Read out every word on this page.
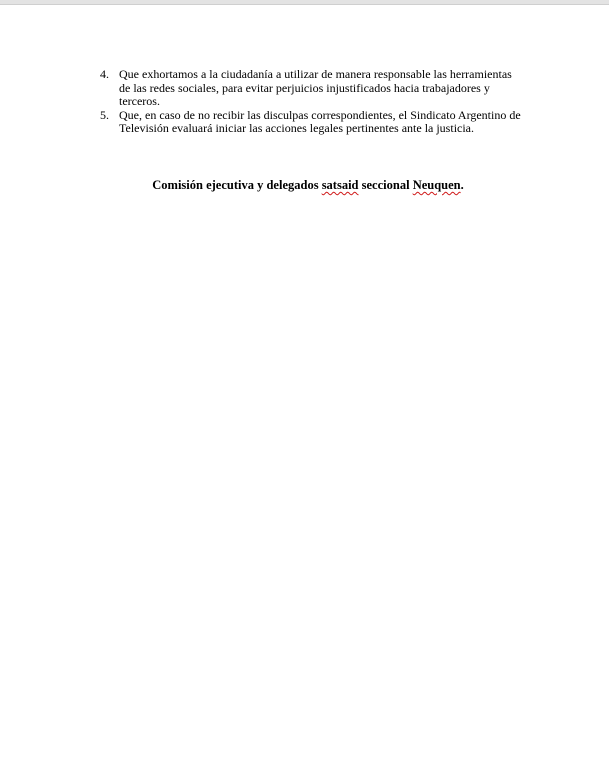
4. Que exhortamos a la ciudadanía a utilizar de manera responsable las herramientas
de las redes sociales, para evitar perjuicios injustificados hacia trabajadores y
terceros.
5. Que, en caso de no recibir las disculpas correspondientes, el Sindicato Argentino de
Televisión evaluará iniciar las acciones legales pertinentes ante la justicia.
Comisión ejecutiva y delegados satsaid seccional Neuquen.
